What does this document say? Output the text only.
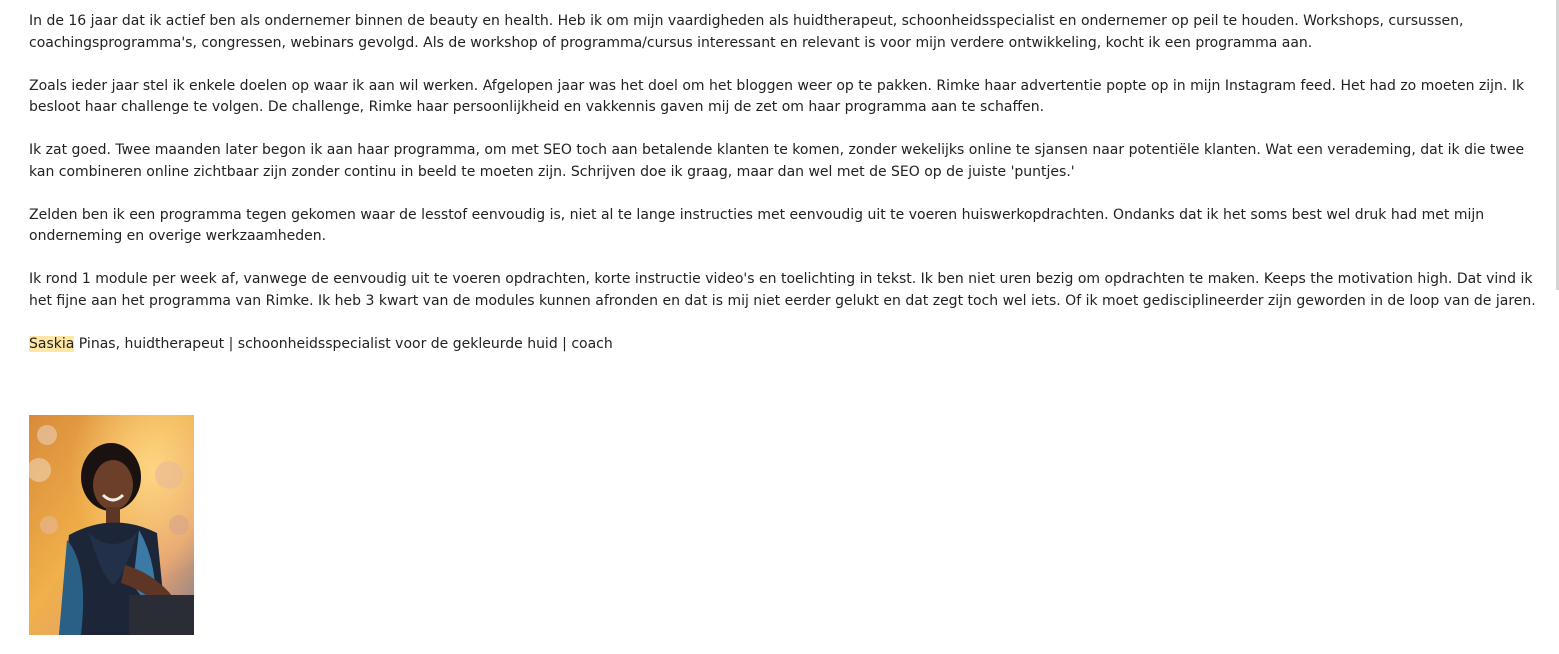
In de 16 jaar dat ik actief ben als ondernemer binnen de beauty en health. Heb ik om mijn vaardigheden als huidtherapeut, schoonheidsspecialist en ondernemer op peil te houden. Workshops, cursussen, coachingsprogramma's, congressen, webinars gevolgd. Als de workshop of programma/cursus interessant en relevant is voor mijn verdere ontwikkeling, kocht ik een programma aan.

Zoals ieder jaar stel ik enkele doelen op waar ik aan wil werken. Afgelopen jaar was het doel om het bloggen weer op te pakken. Rimke haar advertentie popte op in mijn Instagram feed. Het had zo moeten zijn. Ik besloot haar challenge te volgen. De challenge, Rimke haar persoonlijkheid en vakkennis gaven mij de zet om haar programma aan te schaffen.

Ik zat goed. Twee maanden later begon ik aan haar programma, om met SEO toch aan betalende klanten te komen, zonder wekelijks online te sjansen naar potentiële klanten. Wat een verademing, dat ik die twee kan combineren online zichtbaar zijn zonder continu in beeld te moeten zijn. Schrijven doe ik graag, maar dan wel met de SEO op de juiste 'puntjes.'

Zelden ben ik een programma tegen gekomen waar de lesstof eenvoudig is, niet al te lange instructies met eenvoudig uit te voeren huiswerkopdrachten. Ondanks dat ik het soms best wel druk had met mijn onderneming en overige werkzaamheden.

Ik rond 1 module per week af, vanwege de eenvoudig uit te voeren opdrachten, korte instructie video's en toelichting in tekst. Ik ben niet uren bezig om opdrachten te maken. Keeps the motivation high. Dat vind ik het fijne aan het programma van Rimke. Ik heb 3 kwart van de modules kunnen afronden en dat is mij niet eerder gelukt en dat zegt toch wel iets. Of ik moet gedisciplineerder zijn geworden in de loop van de jaren.

Saskia Pinas, huidtherapeut | schoonheidsspecialist voor de gekleurde huid | coach
